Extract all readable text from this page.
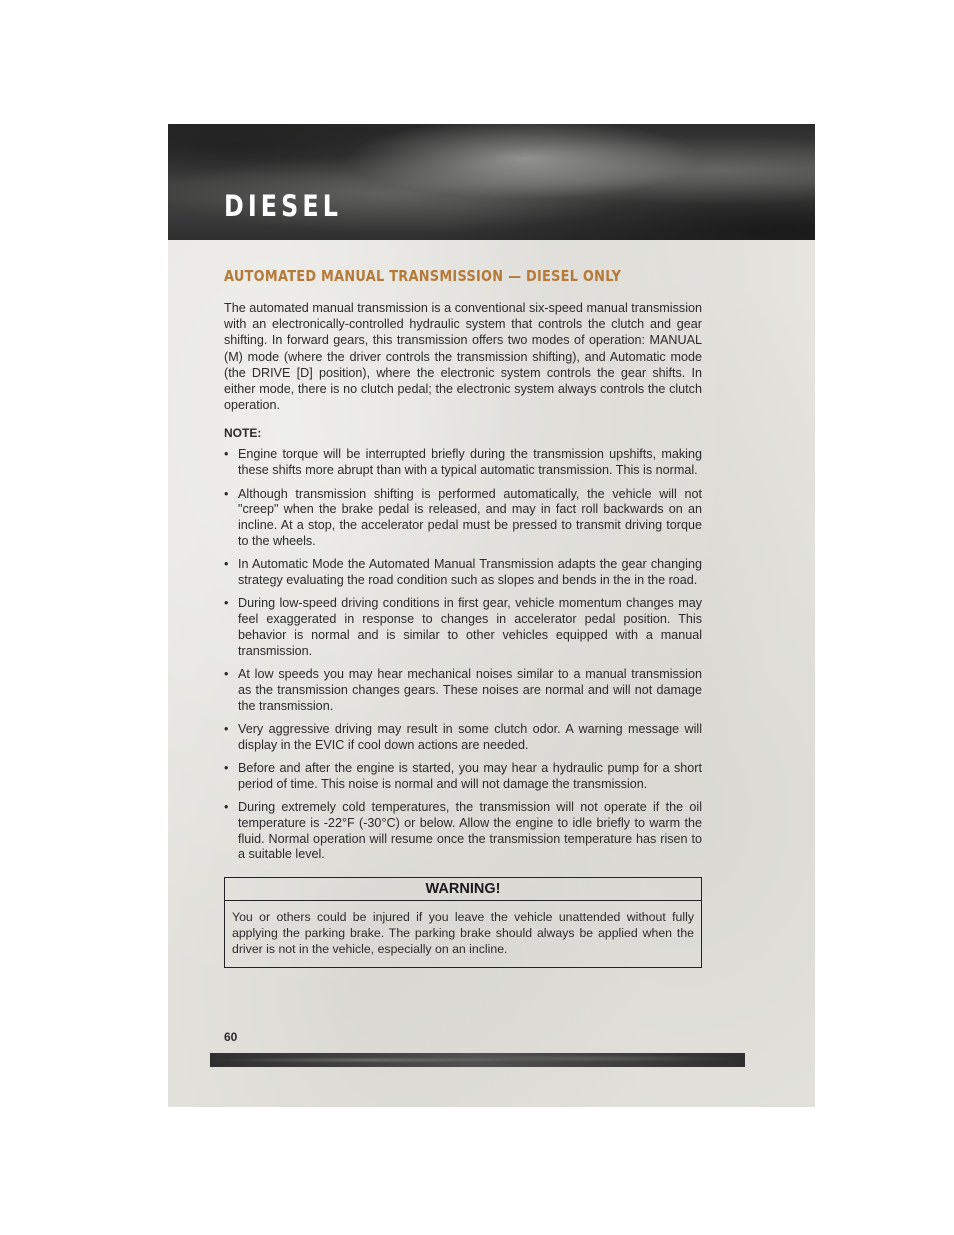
DIESEL
AUTOMATED MANUAL TRANSMISSION — DIESEL ONLY

The automated manual transmission is a conventional six-speed manual transmission with an electronically-controlled hydraulic system that controls the clutch and gear shifting. In forward gears, this transmission offers two modes of operation: MANUAL (M) mode (where the driver controls the transmission shifting), and Automatic mode (the DRIVE [D] position), where the electronic system controls the gear shifts. In either mode, there is no clutch pedal; the electronic system always controls the clutch operation.

NOTE:
• Engine torque will be interrupted briefly during the transmission upshifts, making these shifts more abrupt than with a typical automatic transmission. This is normal.
• Although transmission shifting is performed automatically, the vehicle will not "creep" when the brake pedal is released, and may in fact roll backwards on an incline. At a stop, the accelerator pedal must be pressed to transmit driving torque to the wheels.
• In Automatic Mode the Automated Manual Transmission adapts the gear changing strategy evaluating the road condition such as slopes and bends in the in the road.
• During low-speed driving conditions in first gear, vehicle momentum changes may feel exaggerated in response to changes in accelerator pedal position. This behavior is normal and is similar to other vehicles equipped with a manual transmission.
• At low speeds you may hear mechanical noises similar to a manual transmission as the transmission changes gears. These noises are normal and will not damage the transmission.
• Very aggressive driving may result in some clutch odor. A warning message will display in the EVIC if cool down actions are needed.
• Before and after the engine is started, you may hear a hydraulic pump for a short period of time. This noise is normal and will not damage the transmission.
• During extremely cold temperatures, the transmission will not operate if the oil temperature is -22°F (-30°C) or below. Allow the engine to idle briefly to warm the fluid. Normal operation will resume once the transmission temperature has risen to a suitable level.
WARNING!
You or others could be injured if you leave the vehicle unattended without fully applying the parking brake. The parking brake should always be applied when the driver is not in the vehicle, especially on an incline.
60
